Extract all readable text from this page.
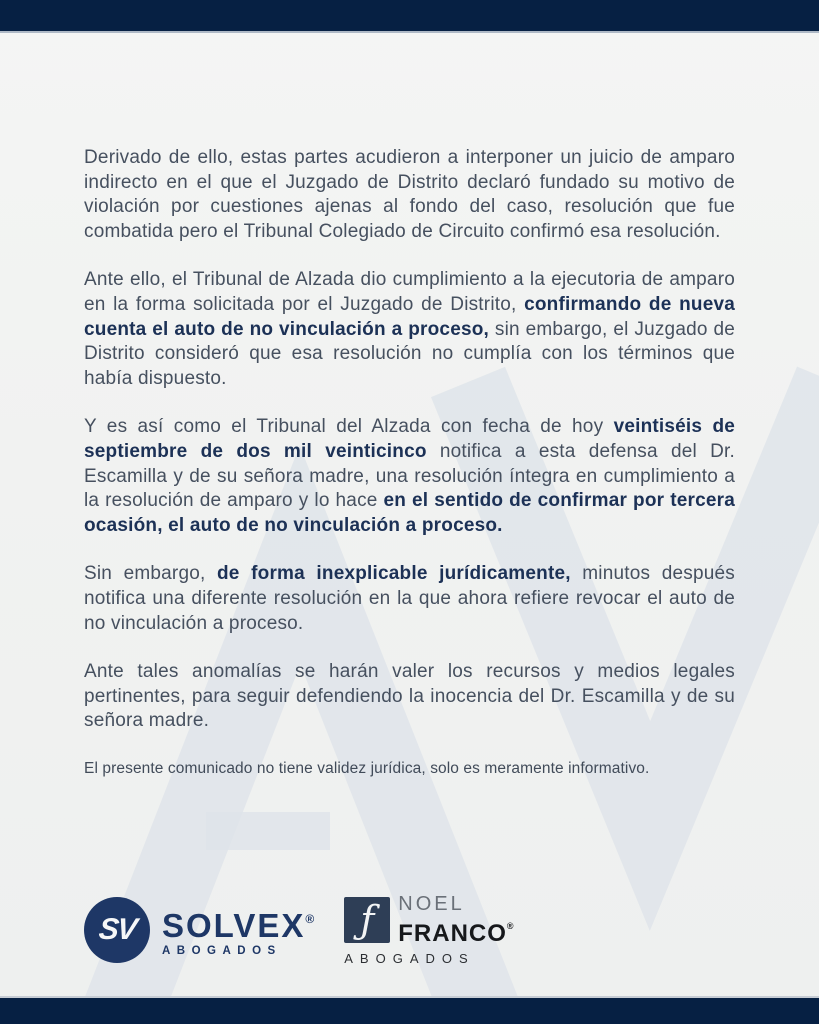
Derivado de ello, estas partes acudieron a interponer un juicio de amparo indirecto en el que el Juzgado de Distrito declaró fundado su motivo de violación por cuestiones ajenas al fondo del caso, resolución que fue combatida pero el Tribunal Colegiado de Circuito confirmó esa resolución.

Ante ello, el Tribunal de Alzada dio cumplimiento a la ejecutoria de amparo en la forma solicitada por el Juzgado de Distrito, confirmando de nueva cuenta el auto de no vinculación a proceso, sin embargo, el Juzgado de Distrito consideró que esa resolución no cumplía con los términos que había dispuesto.

Y es así como el Tribunal del Alzada con fecha de hoy veintiséis de septiembre de dos mil veinticinco notifica a esta defensa del Dr. Escamilla y de su señora madre, una resolución íntegra en cumplimiento a la resolución de amparo y lo hace en el sentido de confirmar por tercera ocasión, el auto de no vinculación a proceso.

Sin embargo, de forma inexplicable jurídicamente, minutos después notifica una diferente resolución en la que ahora refiere revocar el auto de no vinculación a proceso.

Ante tales anomalías se harán valer los recursos y medios legales pertinentes, para seguir defendiendo la inocencia del Dr. Escamilla y de su señora madre.

El presente comunicado no tiene validez jurídica, solo es meramente informativo.

SV SOLVEX®
ABOGADOS
ƒ NOEL
FRANCO®
ABOGADOS
